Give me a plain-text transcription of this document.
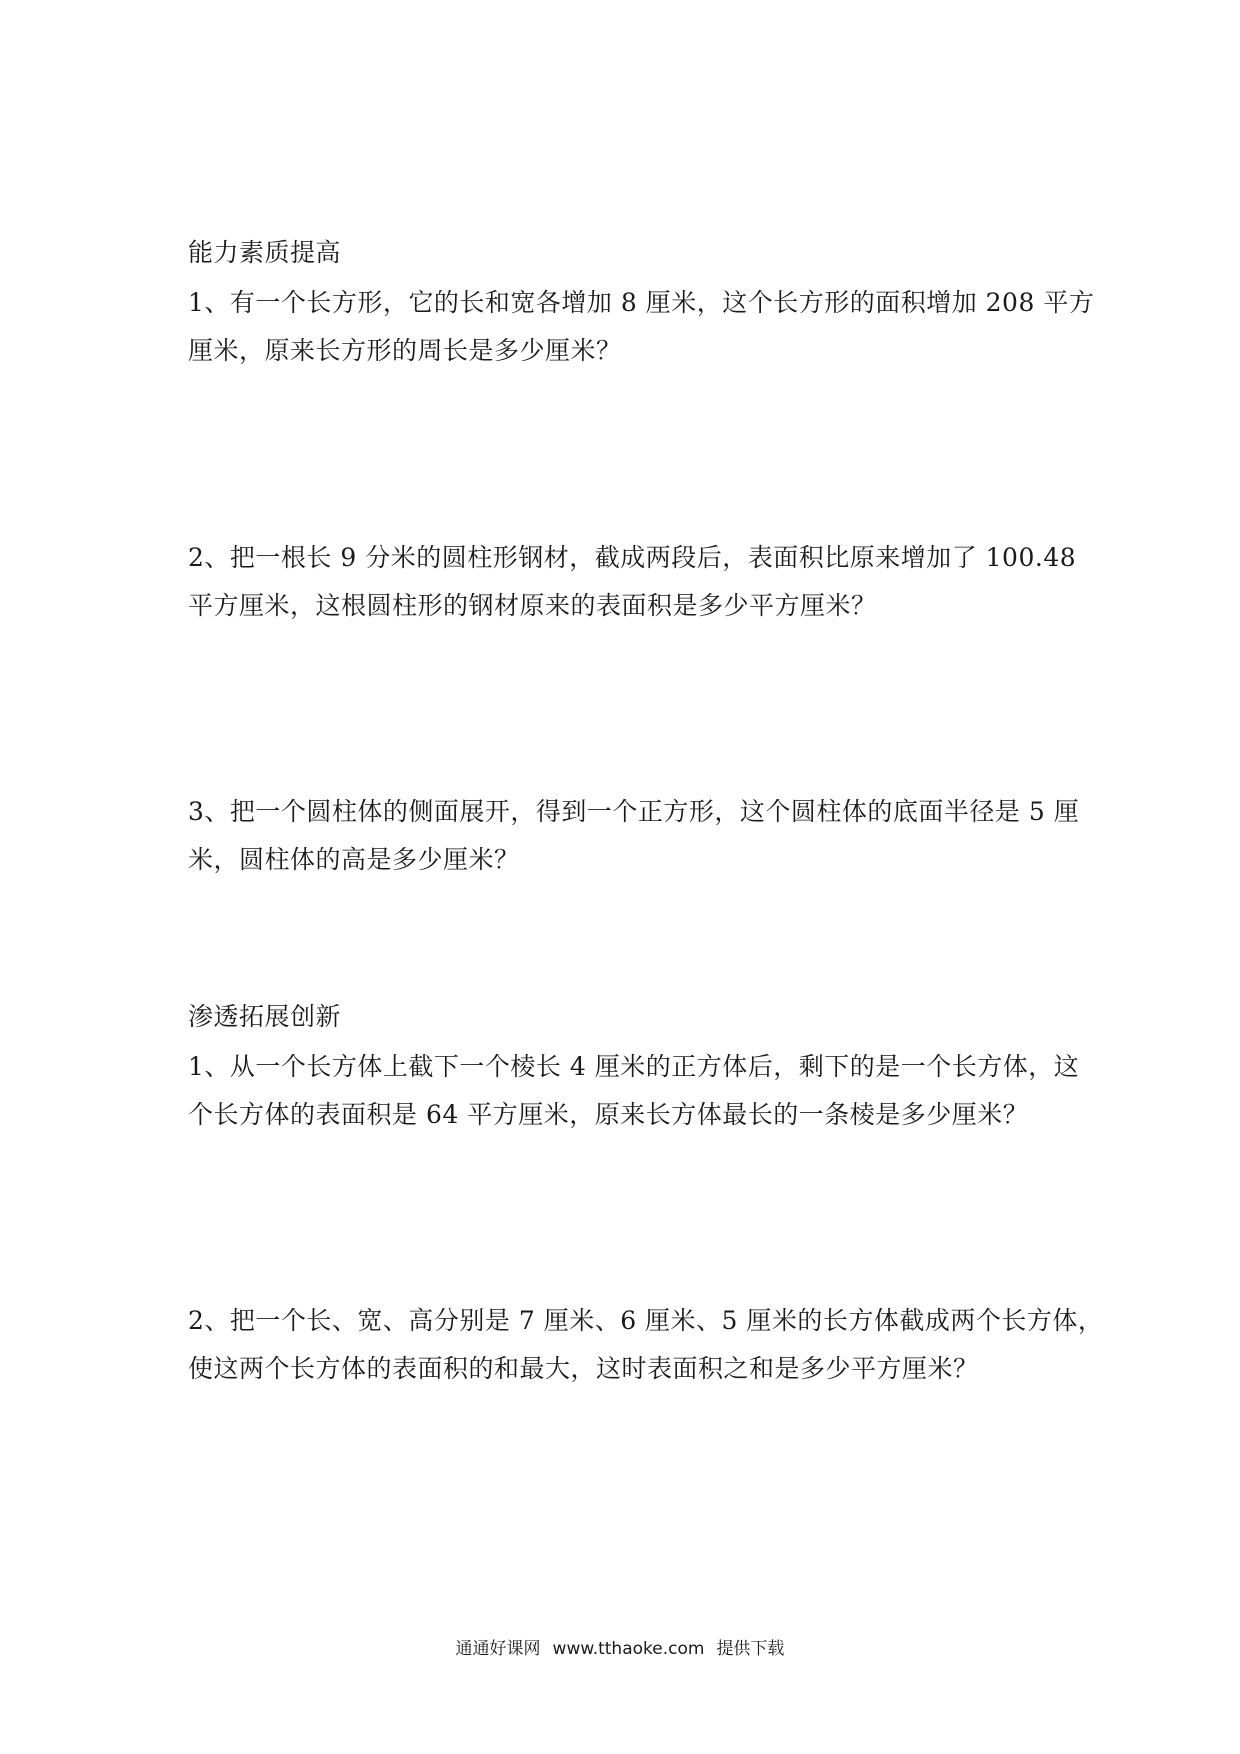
能力素质提高
1、有一个长方形，它的长和宽各增加 8 厘米，这个长方形的面积增加 208 平方
厘米，原来长方形的周长是多少厘米？
2、把一根长 9 分米的圆柱形钢材，截成两段后，表面积比原来增加了 100.48
平方厘米，这根圆柱形的钢材原来的表面积是多少平方厘米？
3、把一个圆柱体的侧面展开，得到一个正方形，这个圆柱体的底面半径是 5 厘
米，圆柱体的高是多少厘米？
渗透拓展创新
1、从一个长方体上截下一个棱长 4 厘米的正方体后，剩下的是一个长方体，这
个长方体的表面积是 64 平方厘米，原来长方体最长的一条棱是多少厘米？
2、把一个长、宽、高分别是 7 厘米、6 厘米、5 厘米的长方体截成两个长方体，
使这两个长方体的表面积的和最大，这时表面积之和是多少平方厘米？
通通好课网 www.tthaoke.com 提供下载
